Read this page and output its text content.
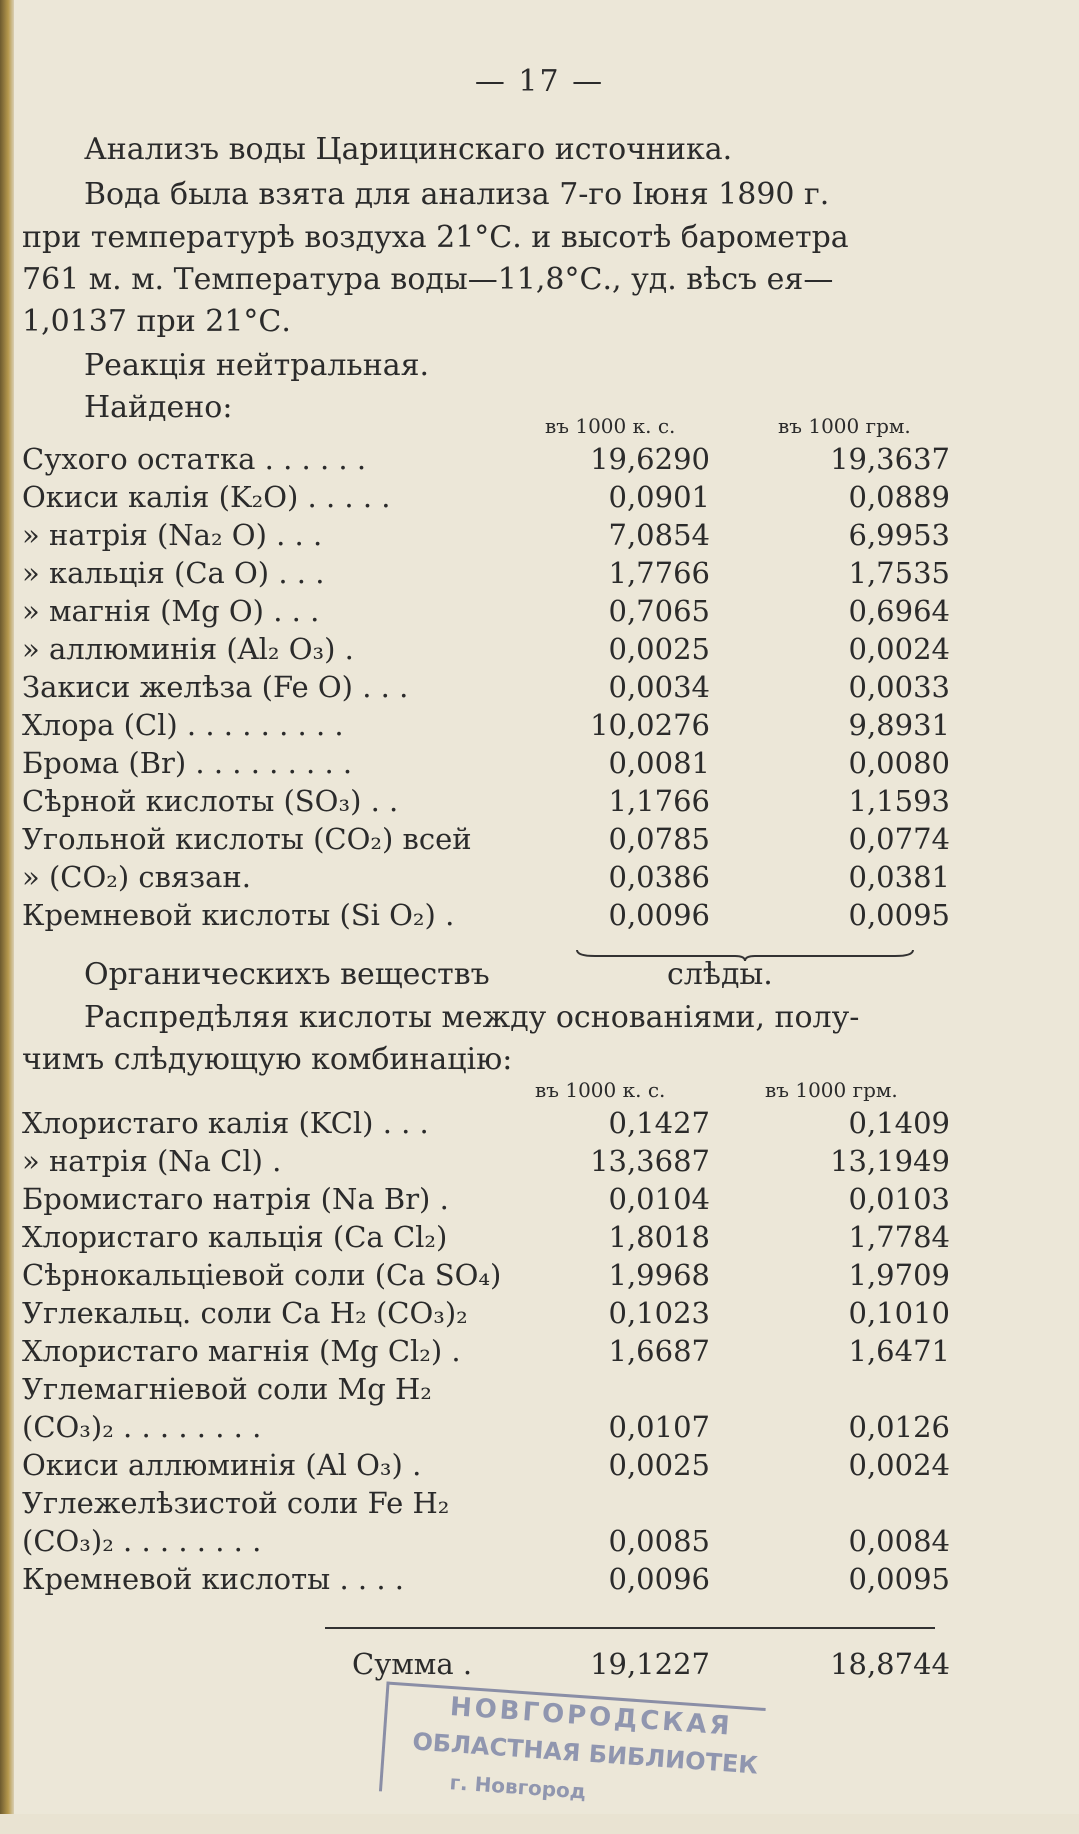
— 17 —
Анализъ воды Царицинскаго источника.
Вода была взята для анализа 7-го Іюня 1890 г.
при температурѣ воздуха 21°С. и высотѣ барометра
761 м. м. Температура воды—11,8°С., уд. вѣсъ ея—
1,0137 при 21°С.
Реакція нейтральная.
Найдено:
въ 1000 к. с.	въ 1000 грм.
Сухого остатка . . . . . .	19,6290	19,3637
Окиси калія (K₂O) . . . . .	0,0901	0,0889
» натрія (Na₂ O) . . .	7,0854	6,9953
» кальція (Ca O) . . .	1,7766	1,7535
» магнія (Mg O) . . .	0,7065	0,6964
» аллюминія (Al₂ O₃) .	0,0025	0,0024
Закиси желѣза (Fe O) . . .	0,0034	0,0033
Хлора (Cl) . . . . . . . . .	10,0276	9,8931
Брома (Br) . . . . . . . . .	0,0081	0,0080
Сѣрной кислоты (SO₃) . .	1,1766	1,1593
Угольной кислоты (CO₂) всей	0,0785	0,0774
» (CO₂) связан.	0,0386	0,0381
Кремневой кислоты (Si O₂) .	0,0096	0,0095
Органическихъ веществъ	слѣды.
Распредѣляя кислоты между основаніями, полу-
чимъ слѣдующую комбинацію:
въ 1000 к. с.	въ 1000 грм.
Хлористаго калія (KCl) . . .	0,1427	0,1409
» натрія (Na Cl) .	13,3687	13,1949
Бромистаго натрія (Na Br) .	0,0104	0,0103
Хлористаго кальція (Ca Cl₂)	1,8018	1,7784
Сѣрнокальціевой соли (Ca SO₄)	1,9968	1,9709
Углекальц. соли Ca H₂ (CO₃)₂	0,1023	0,1010
Хлористаго магнія (Mg Cl₂) .	1,6687	1,6471
Углемагніевой соли Mg H₂
(CO₃)₂ . . . . . . . .	0,0107	0,0126
Окиси аллюминія (Al O₃) .	0,0025	0,0024
Углежелѣзистой соли Fe H₂
(CO₃)₂ . . . . . . . .	0,0085	0,0084
Кремневой кислоты . . . .	0,0096	0,0095
Сумма .	19,1227	18,8744
НОВГОРОДСКАЯ
ОБЛАСТНАЯ БИБЛИОТЕК
г. Новгород
